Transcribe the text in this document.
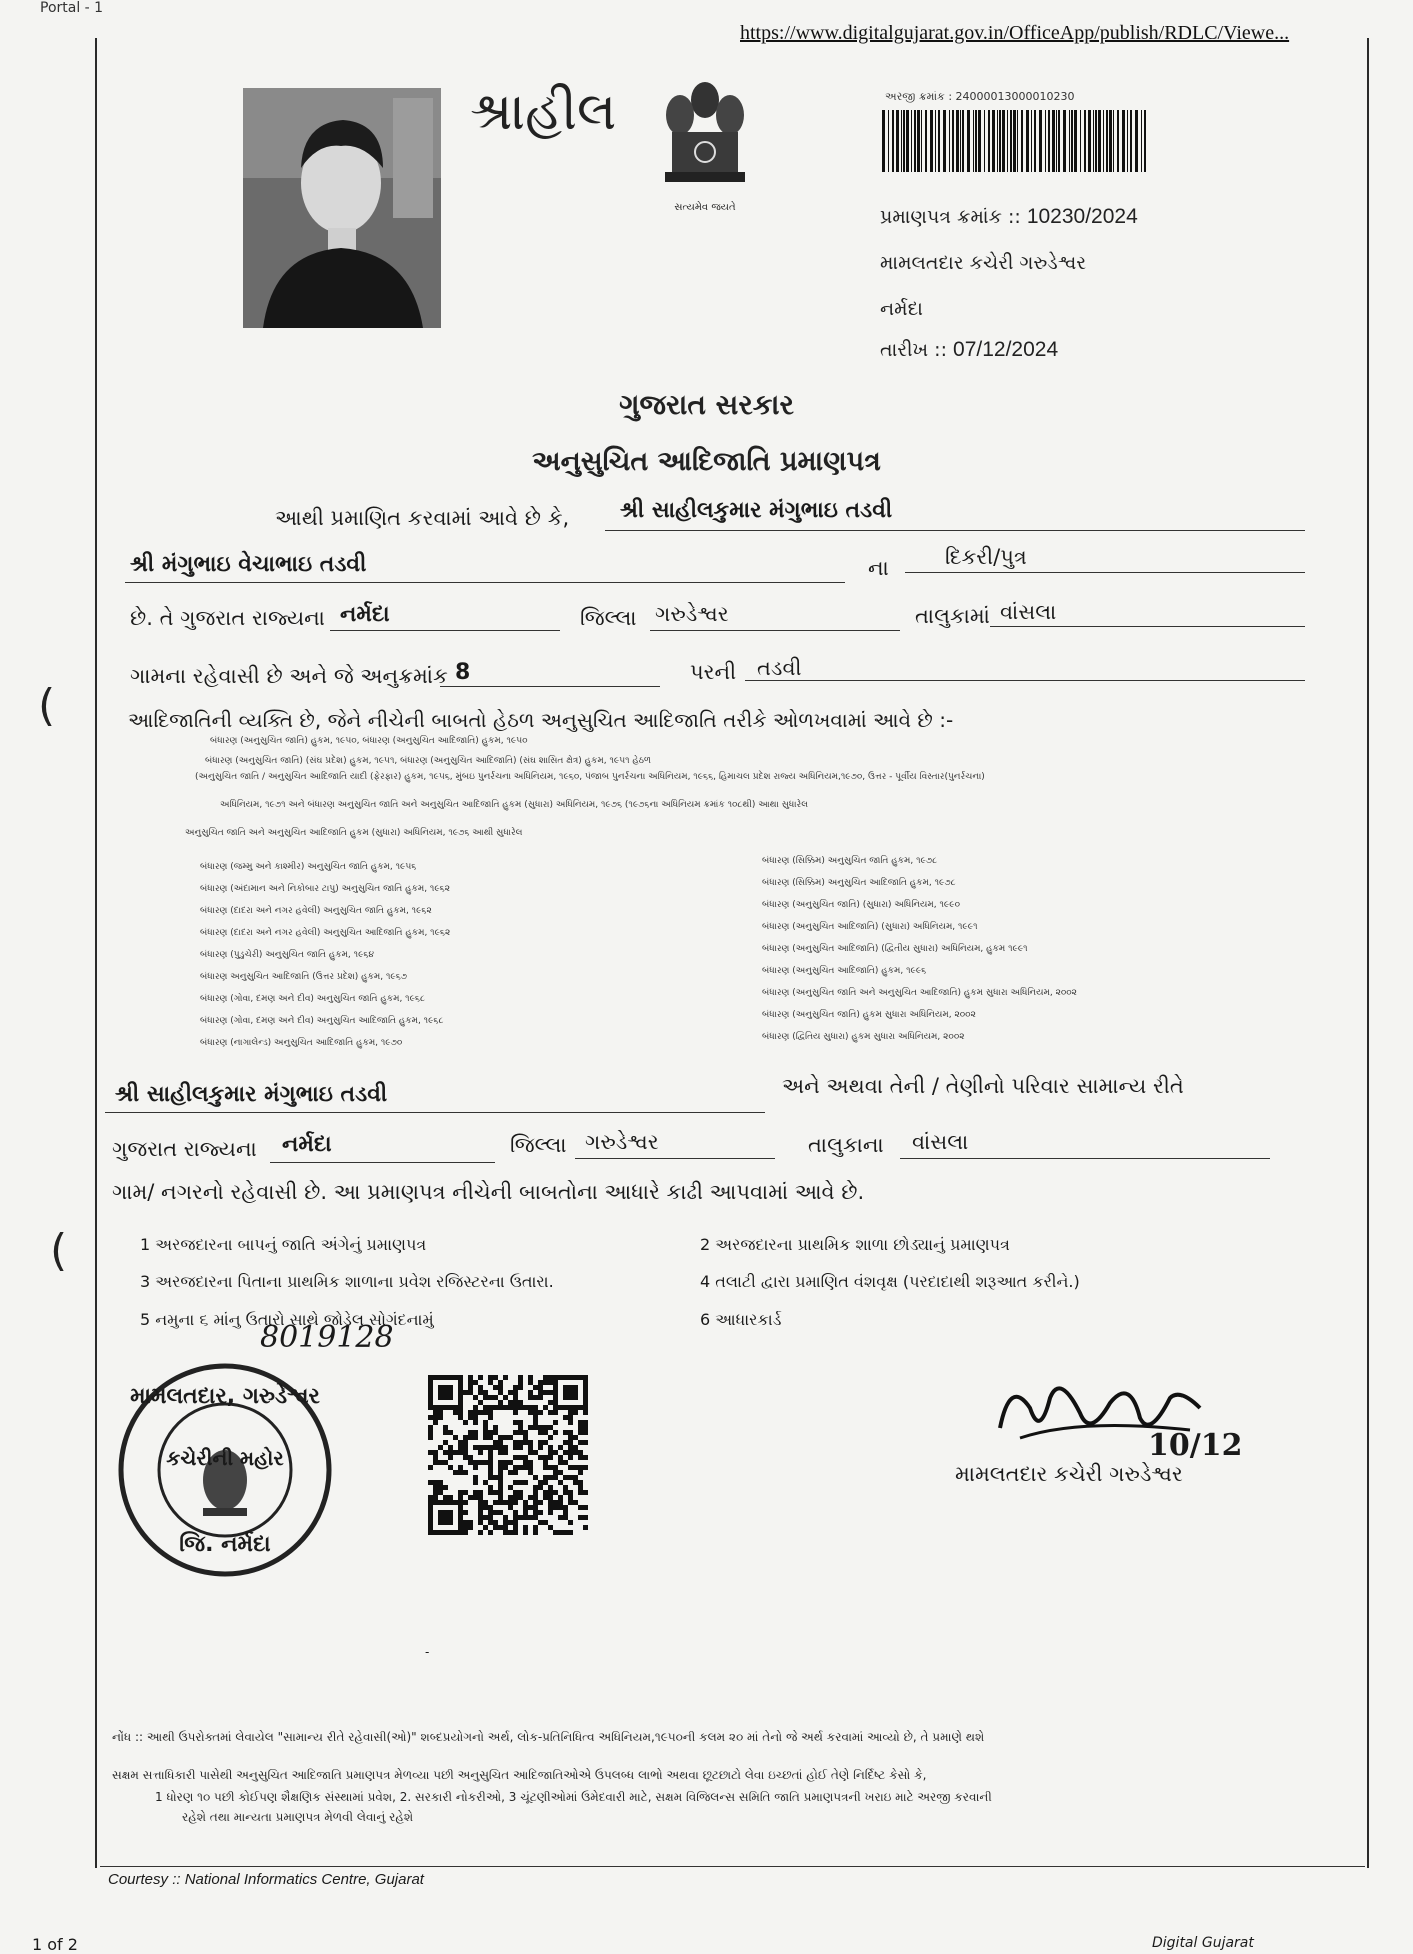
Portal - 1
https://www.digitalgujarat.gov.in/OfficeApp/publish/RDLC/Viewe...
શ્રાહીલ
સત્યમેવ જયતે
અરજી ક્રમાંક : 24000013000010230
પ્રમાણપત્ર ક્રમાંક :: 10230/2024
મામલતદાર કચેરી ગરુડેશ્વર
નર્મદા
તારીખ :: 07/12/2024
ગુજરાત સરકાર
અનુસુચિત આદિજાતિ પ્રમાણપત્ર
આથી પ્રમાણિત કરવામાં આવે છે કે, શ્રી સાહીલકુમાર મંગુભાઇ તડવી
શ્રી મંગુભાઇ વેચાભાઇ તડવી	ના	દિકરી/પુત્ર
છે. તે ગુજરાત રાજ્યના નર્મદા	જિલ્લા ગરુડેશ્વર	તાલુકામાં વાંસલા
ગામના રહેવાસી છે અને જે અનુક્રમાંક 8	પરની તડવી
(	આદિજાતિની વ્યક્તિ છે, જેને નીચેની બાબતો હેઠળ અનુસુચિત આદિજાતિ તરીકે ઓળખવામાં આવે છે :-
બંધારણ (અનુસુચિત જાતિ) હુકમ, ૧૯૫૦, બંધારણ (અનુસુચિત આદિજાતિ) હુકમ, ૧૯૫૦
બંધારણ (અનુસુચિત જાતિ) (સંઘ પ્રદેશ) હુકમ, ૧૯૫૧, બંધારણ (અનુસુચિત આદિજાતિ) (સંઘ શાસિત ક્ષેત્ર) હુકમ, ૧૯૫૧ હેઠળ
(અનુસુચિત જાતિ / અનુસુચિત આદિજાતિ યાદી (ફેરફાર) હુકમ, ૧૯૫૬, મુંબઇ પુનર્રચના અધિનિયમ, ૧૯૬૦, પંજાબ પુનર્રચના અધિનિયમ, ૧૯૬૬, હિમાચલ પ્રદેશ રાજ્ય અધિનિયમ,૧૯૭૦, ઉત્તર - પૂર્વીય વિસ્તાર(પુનર્રચના)
અધિનિયમ, ૧૯૭૧ અને બંધારણ અનુસુચિત જાતિ અને અનુસુચિત આદિજાતિ હુકમ (સુધારા) અધિનિયમ, ૧૯૭૬ (૧૯૭૬ના અધિનિયમ ક્રમાંક ૧૦૮થી) આથા સુધારેલ
અનુસુચિત જાતિ અને અનુસુચિત આદિજાતિ હુકમ (સુધારા) અધિનિયમ, ૧૯૭૬ આથી સુધારેલ
બંધારણ (જમ્મુ અને કાશ્મીર) અનુસુચિત જાતિ હુકમ, ૧૯૫૬
બંધારણ (અંદામાન અને નિકોબાર ટાપુ) અનુસુચિત જાતિ હુકમ, ૧૯૬૨
બંધારણ (દાદરા અને નગર હવેલી) અનુસુચિત જાતિ હુકમ, ૧૯૬૨
બંધારણ (દાદરા અને નગર હવેલી) અનુસુચિત આદિજાતિ હુકમ, ૧૯૬૨
બંધારણ (પુડુચેરી) અનુસુચિત જાતિ હુકમ, ૧૯૬૪
બંધારણ અનુસુચિત આદિજાતિ (ઉત્તર પ્રદેશ) હુકમ, ૧૯૬૭
બંધારણ (ગોવા, દમણ અને દીવ) અનુસુચિત જાતિ હુકમ, ૧૯૬૮
બંધારણ (ગોવા, દમણ અને દીવ) અનુસુચિત આદિજાતિ હુકમ, ૧૯૬૮
બંધારણ (નાગાલેન્ડ) અનુસુચિત આદિજાતિ હુકમ, ૧૯૭૦
બંધારણ (સિક્કિમ) અનુસુચિત જાતિ હુકમ, ૧૯૭૮
બંધારણ (સિક્કિમ) અનુસુચિત આદિજાતિ હુકમ, ૧૯૭૮
બંધારણ (અનુસુચિત જાતિ) (સુધારા) અધિનિયમ, ૧૯૯૦
બંધારણ (અનુસુચિત આદિજાતિ) (સુધારા) અધિનિયમ, ૧૯૯૧
બંધારણ (અનુસુચિત આદિજાતિ) (દ્વિતીય સુધારા) અધિનિયમ, હુકમ ૧૯૯૧
બંધારણ (અનુસુચિત આદિજાતિ) હુકમ, ૧૯૯૬
બંધારણ (અનુસુચિત જાતિ અને અનુસુચિત આદિજાતિ) હુકમ સુધારા અધિનિયમ, ૨૦૦૨
બંધારણ (અનુસુચિત જાતિ) હુકમ સુધારા અધિનિયમ, ૨૦૦૨
બંધારણ (દ્વિતિય સુધારા) હુકમ સુધારા અધિનિયમ, ૨૦૦૨
શ્રી સાહીલકુમાર મંગુભાઇ તડવી	અને અથવા તેની / તેણીનો પરિવાર સામાન્ય રીતે
ગુજરાત રાજ્યના નર્મદા	જિલ્લા ગરુડેશ્વર	તાલુકાના વાંસલા
ગામ/ નગરનો રહેવાસી છે. આ પ્રમાણપત્ર નીચેની બાબતોના આધારે કાઢી આપવામાં આવે છે.
(	1 અરજદારના બાપનું જાતિ અંગેનું પ્રમાણપત્ર	2 અરજદારના પ્રાથમિક શાળા છોડ્યાનું પ્રમાણપત્ર
3 અરજદારના પિતાના પ્રાથમિક શાળાના પ્રવેશ રજિસ્ટરના ઉતારા.	4 તલાટી દ્વારા પ્રમાણિત વંશવૃક્ષ (પરદાદાથી શરૂઆત કરીને.)
5 નમુના ૬ માંનુ ઉતારો સાથે જોડેલ સોગંદનામું	6 આધારકાર્ડ
8019128
મામલતદાર, ગરુડેશ્વર
કચેરીની મહોર
જિ. નર્મદા
10/12
મામલતદાર કચેરી ગરુડેશ્વર
-
નોંધ :: આથી ઉપરોક્તમાં લેવાયેલ "સામાન્ય રીતે રહેવાસી(ઓ)" શબ્દપ્રયોગનો અર્થ, લોક-પ્રતિનિધિત્વ અધિનિયમ,૧૯૫૦ની કલમ ૨૦ માં તેનો જે અર્થ કરવામાં આવ્યો છે, તે પ્રમાણે થશે
સક્ષમ સત્તાધિકારી પાસેથી અનુસુચિત આદિજાતિ પ્રમાણપત્ર મેળવ્યા પછી અનુસુચિત આદિજાતિઓએ ઉપલબ્ધ લાભો અથવા છૂટછાટો લેવા ઇચ્છતાં હોઈ તેણે નિર્દિષ્ટ કેસો કે,
1 ધોરણ ૧૦ પછી કોઈપણ શૈક્ષણિક સંસ્થામાં પ્રવેશ, 2. સરકારી નોકરીઓ, 3 ચૂંટણીઓમાં ઉમેદવારી માટે, સક્ષમ વિજિલન્સ સમિતિ જાતિ પ્રમાણપત્રની ખરાઇ માટે અરજી કરવાની
રહેશે તથા માન્યતા પ્રમાણપત્ર મેળવી લેવાનું રહેશે
Courtesy :: National Informatics Centre, Gujarat
Digital Gujarat
1 of 2
